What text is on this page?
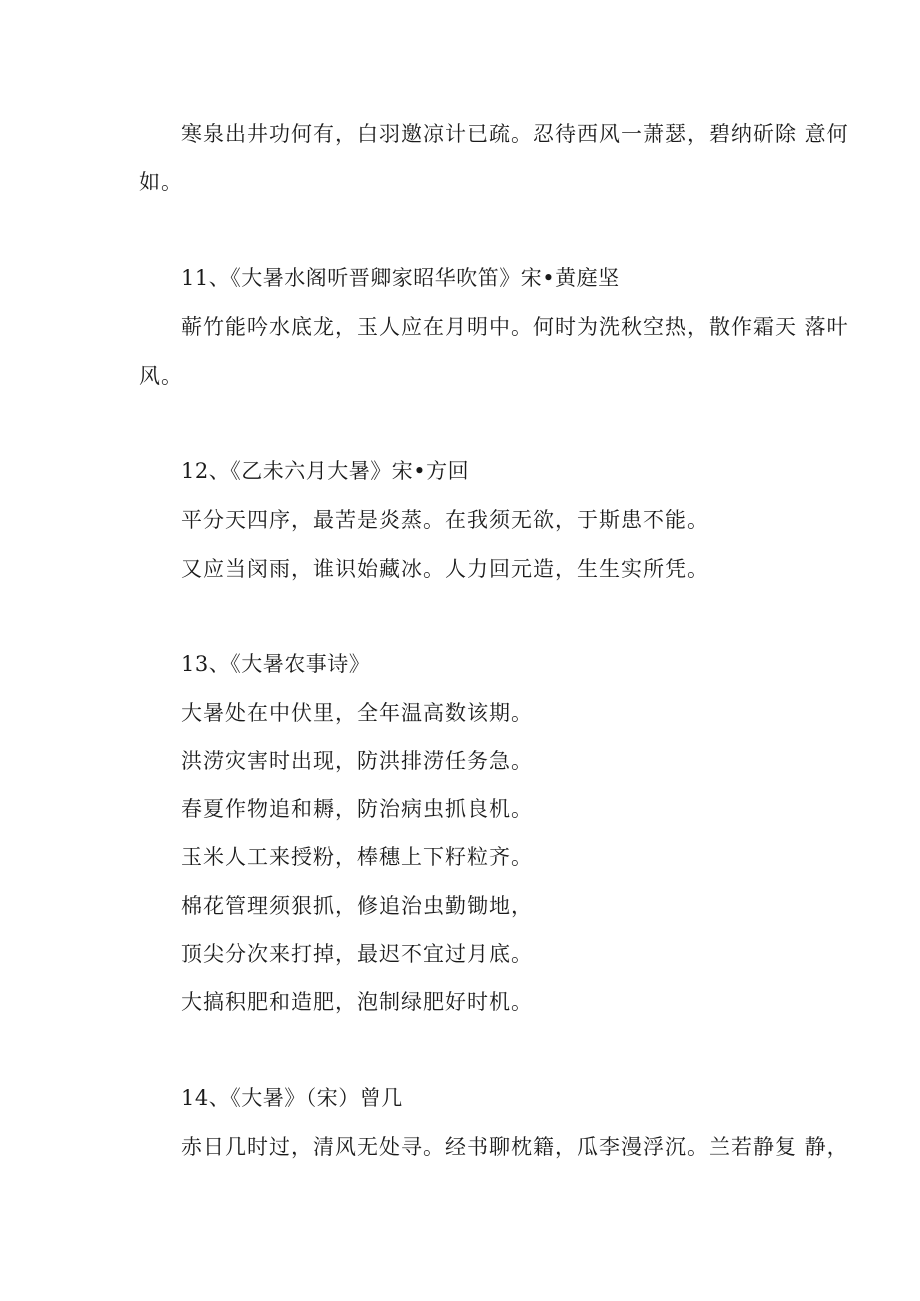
寒泉出井功何有，白羽邀凉计已疏。忍待西风一萧瑟，碧纳斫除 意何
如。
11、《大暑水阁听晋卿家昭华吹笛》宋•黄庭坚
蕲竹能吟水底龙，玉人应在月明中。何时为洗秋空热，散作霜天 落叶
风。
12、《乙未六月大暑》宋•方回
平分天四序，最苦是炎蒸。在我须无欲，于斯患不能。
又应当闵雨，谁识始藏冰。人力回元造，生生实所凭。
13、《大暑农事诗》
大暑处在中伏里，全年温高数该期。
洪涝灾害时出现，防洪排涝任务急。
春夏作物追和耨，防治病虫抓良机。
玉米人工来授粉，棒穗上下籽粒齐。
棉花管理须狠抓，修追治虫勤锄地，
顶尖分次来打掉，最迟不宜过月底。
大搞积肥和造肥，泡制绿肥好时机。
14、《大暑》（宋）曾几
赤日几时过，清风无处寻。经书聊枕籍，瓜李漫浮沉。兰若静复 静，
